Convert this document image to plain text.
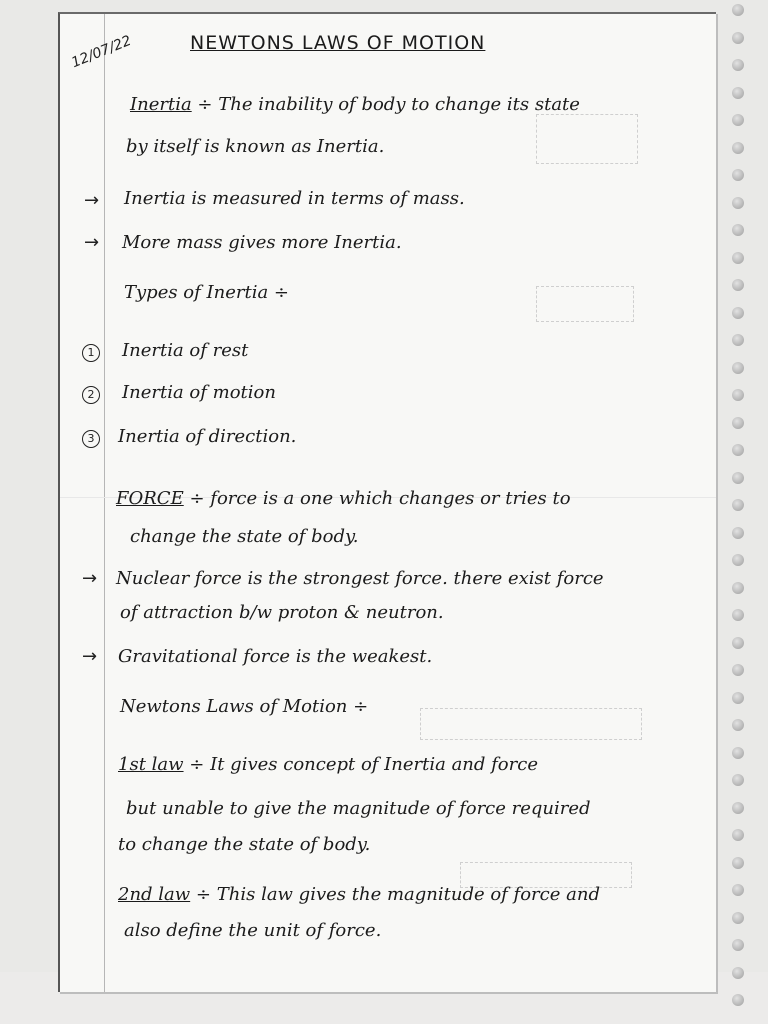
12/07/22	NEWTONS LAWS OF MOTION
Inertia ÷ The inability of body to change its state
by itself is known as Inertia.
→ Inertia is measured in terms of mass.
→ More mass gives more Inertia.
Types of Inertia ÷
1	Inertia of rest
2	Inertia of motion
3	Inertia of direction.
FORCE ÷ force is a one which changes or tries to
change the state of body.
→ Nuclear force is the strongest force. there exist force
of attraction b/w proton & neutron.
→ Gravitational force is the weakest.
Newtons Laws of Motion ÷
1st law ÷ It gives concept of Inertia and force
but unable to give the magnitude of force required
to change the state of body.
2nd law ÷ This law gives the magnitude of force and
also define the unit of force.
